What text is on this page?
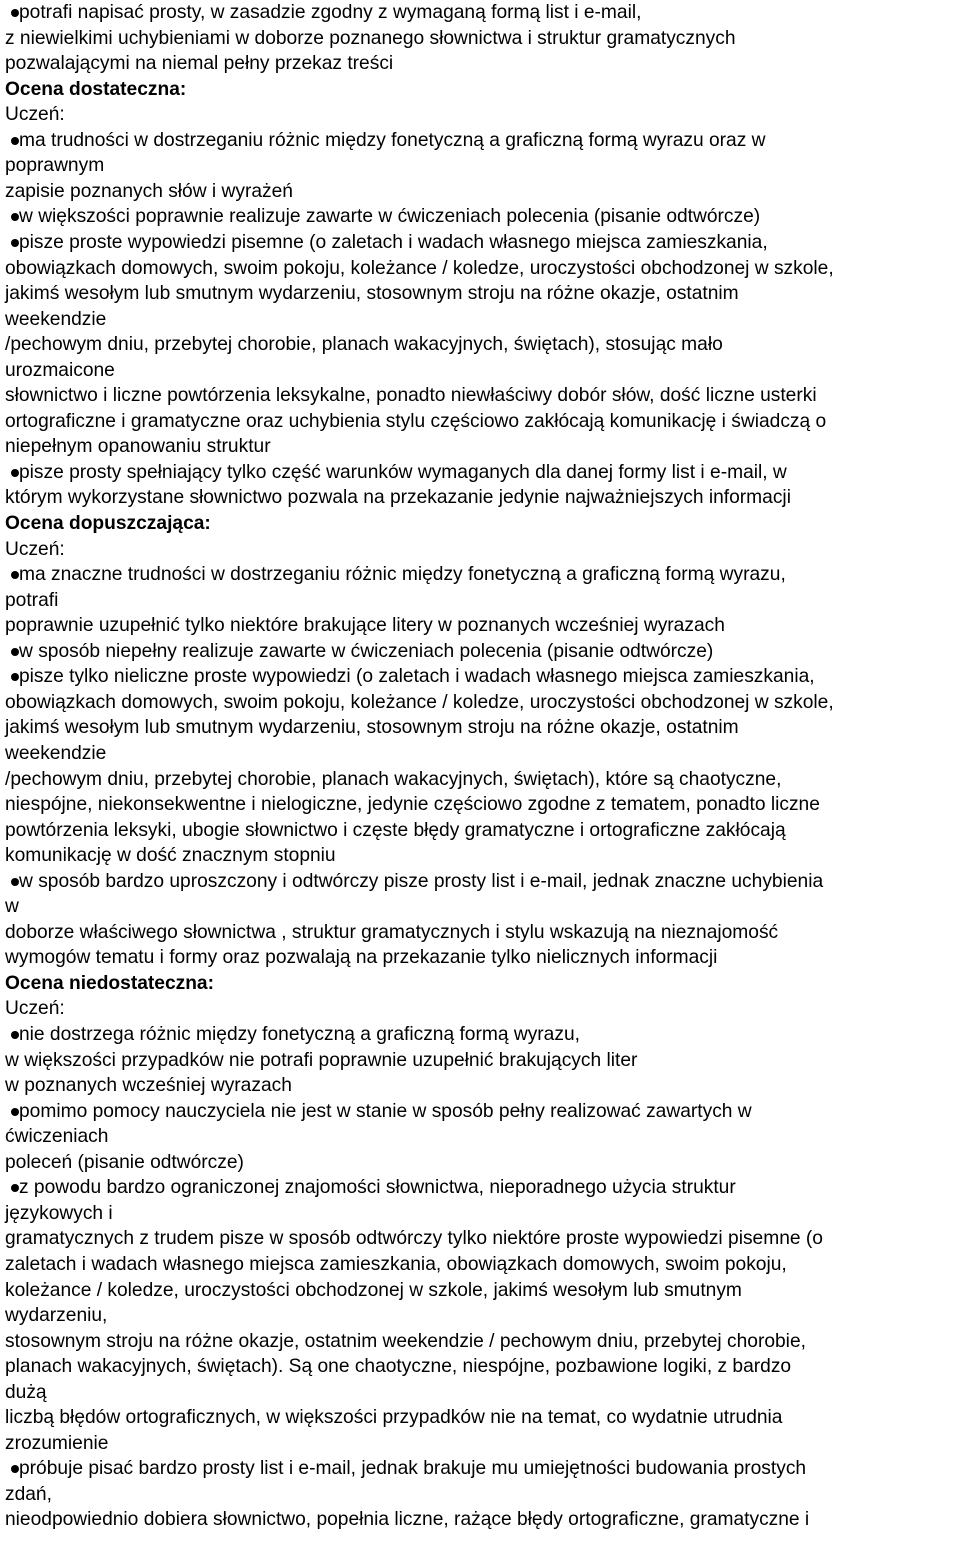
potrafi napisać prosty, w zasadzie zgodny z wymaganą formą list i e-mail,
z niewielkimi uchybieniami w doborze poznanego słownictwa i struktur gramatycznych
pozwalającymi na niemal pełny przekaz treści
Ocena dostateczna:
Uczeń:
ma trudności w dostrzeganiu różnic między fonetyczną a graficzną formą wyrazu oraz w
poprawnym
zapisie poznanych słów i wyrażeń
w większości poprawnie realizuje zawarte w ćwiczeniach polecenia (pisanie odtwórcze)
pisze proste wypowiedzi pisemne (o zaletach i wadach własnego miejsca zamieszkania,
obowiązkach domowych, swoim pokoju, koleżance / koledze, uroczystości obchodzonej w szkole,
jakimś wesołym lub smutnym wydarzeniu, stosownym stroju na różne okazje, ostatnim
weekendzie
/pechowym dniu, przebytej chorobie, planach wakacyjnych, świętach), stosując mało
urozmaicone
słownictwo i liczne powtórzenia leksykalne, ponadto niewłaściwy dobór słów, dość liczne usterki
ortograficzne i gramatyczne oraz uchybienia stylu częściowo zakłócają komunikację i świadczą o
niepełnym opanowaniu struktur
pisze prosty spełniający tylko część warunków wymaganych dla danej formy list i e-mail, w
którym wykorzystane słownictwo pozwala na przekazanie jedynie najważniejszych informacji
Ocena dopuszczająca:
Uczeń:
ma znaczne trudności w dostrzeganiu różnic między fonetyczną a graficzną formą wyrazu,
potrafi
poprawnie uzupełnić tylko niektóre brakujące litery w poznanych wcześniej wyrazach
w sposób niepełny realizuje zawarte w ćwiczeniach polecenia (pisanie odtwórcze)
pisze tylko nieliczne proste wypowiedzi (o zaletach i wadach własnego miejsca zamieszkania,
obowiązkach domowych, swoim pokoju, koleżance / koledze, uroczystości obchodzonej w szkole,
jakimś wesołym lub smutnym wydarzeniu, stosownym stroju na różne okazje, ostatnim
weekendzie
/pechowym dniu, przebytej chorobie, planach wakacyjnych, świętach), które są chaotyczne,
niespójne, niekonsekwentne i nielogiczne, jedynie częściowo zgodne z tematem, ponadto liczne
powtórzenia leksyki, ubogie słownictwo i częste błędy gramatyczne i ortograficzne zakłócają
komunikację w dość znacznym stopniu
w sposób bardzo uproszczony i odtwórczy pisze prosty list i e-mail, jednak znaczne uchybienia
w
doborze właściwego słownictwa , struktur gramatycznych i stylu wskazują na nieznajomość
wymogów tematu i formy oraz pozwalają na przekazanie tylko nielicznych informacji
Ocena niedostateczna:
Uczeń:
nie dostrzega różnic między fonetyczną a graficzną formą wyrazu,
w większości przypadków nie potrafi poprawnie uzupełnić brakujących liter
w poznanych wcześniej wyrazach
pomimo pomocy nauczyciela nie jest w stanie w sposób pełny realizować zawartych w
ćwiczeniach
poleceń (pisanie odtwórcze)
z powodu bardzo ograniczonej znajomości słownictwa, nieporadnego użycia struktur
językowych i
gramatycznych z trudem pisze w sposób odtwórczy tylko niektóre proste wypowiedzi pisemne (o
zaletach i wadach własnego miejsca zamieszkania, obowiązkach domowych, swoim pokoju,
koleżance / koledze, uroczystości obchodzonej w szkole, jakimś wesołym lub smutnym
wydarzeniu,
stosownym stroju na różne okazje, ostatnim weekendzie / pechowym dniu, przebytej chorobie,
planach wakacyjnych, świętach). Są one chaotyczne, niespójne, pozbawione logiki, z bardzo
dużą
liczbą błędów ortograficznych, w większości przypadków nie na temat, co wydatnie utrudnia
zrozumienie
próbuje pisać bardzo prosty list i e-mail, jednak brakuje mu umiejętności budowania prostych
zdań,
nieodpowiednio dobiera słownictwo, popełnia liczne, rażące błędy ortograficzne, gramatyczne i
